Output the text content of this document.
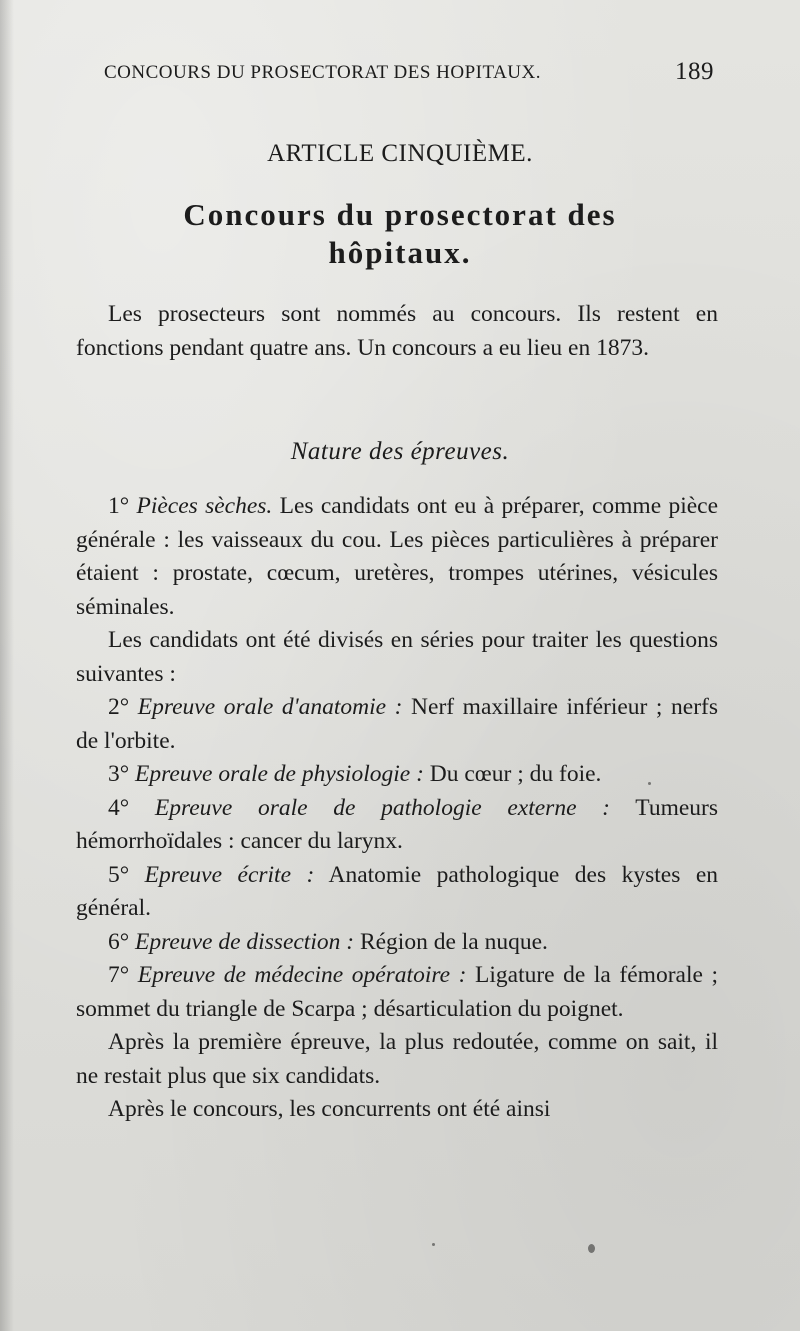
CONCOURS DU PROSECTORAT DES HOPITAUX.	189
ARTICLE CINQUIÈME.
Concours du prosectorat des
hôpitaux.

Les prosecteurs sont nommés au concours. Ils restent en fonctions pendant quatre ans. Un concours a eu lieu en 1873.

Nature des épreuves.

1° Pièces sèches. Les candidats ont eu à préparer, comme pièce générale : les vaisseaux du cou. Les pièces particulières à préparer étaient : prostate, cœcum, uretères, trompes utérines, vésicules séminales.

Les candidats ont été divisés en séries pour traiter les questions suivantes :

2° Epreuve orale d'anatomie : Nerf maxillaire inférieur ; nerfs de l'orbite.

3° Epreuve orale de physiologie : Du cœur ; du foie.

4° Epreuve orale de pathologie externe : Tumeurs hémorrhoïdales : cancer du larynx.

5° Epreuve écrite : Anatomie pathologique des kystes en général.

6° Epreuve de dissection : Région de la nuque.

7° Epreuve de médecine opératoire : Ligature de la fémorale ; sommet du triangle de Scarpa ; désarticulation du poignet.

Après la première épreuve, la plus redoutée, comme on sait, il ne restait plus que six candidats.

Après le concours, les concurrents ont été ainsi
